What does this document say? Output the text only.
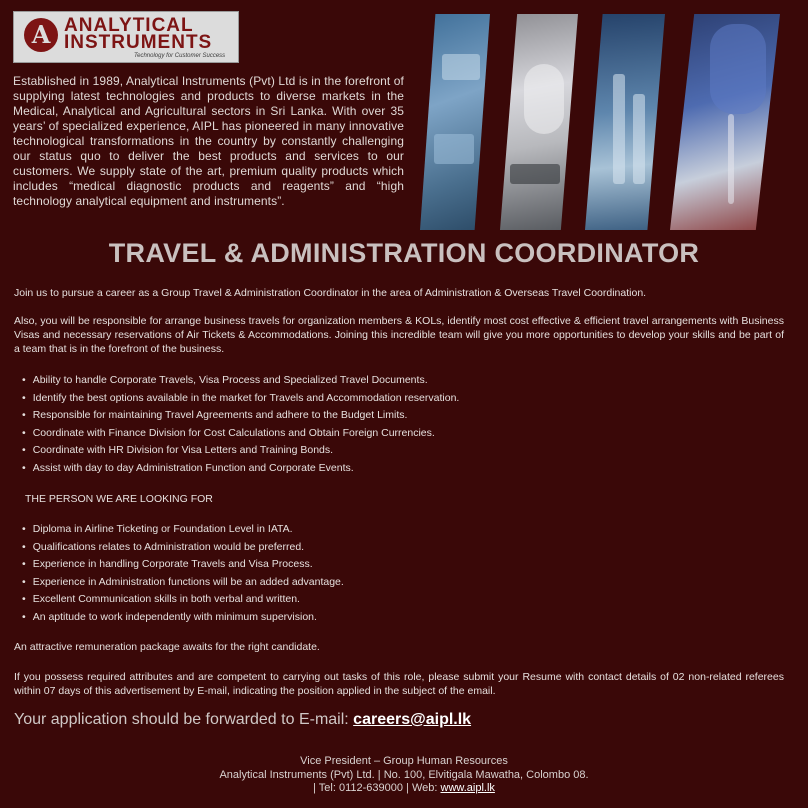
A ANALYTICAL
INSTRUMENTS
Technology for Customer Success
Established in 1989, Analytical Instruments (Pvt) Ltd is in the forefront of supplying latest technologies and products to diverse markets in the Medical, Analytical and Agricultural sectors in Sri Lanka. With over 35 years’ of specialized experience, AIPL has pioneered in many innovative technological transformations in the country by constantly challenging our status quo to deliver the best products and services to our customers. We supply state of the art, premium quality products which includes “medical diagnostic products and reagents” and “high technology analytical equipment and instruments”.
TRAVEL & ADMINISTRATION COORDINATOR
Join us to pursue a career as a Group Travel & Administration Coordinator in the area of Administration & Overseas Travel Coordination.
Also, you will be responsible for arrange business travels for organization members & KOLs, identify most cost effective & efficient travel arrangements with Business Visas and necessary reservations of Air Tickets & Accommodations. Joining this incredible team will give you more opportunities to develop your skills and be part of a team that is in the forefront of the business.
• Ability to handle Corporate Travels, Visa Process and Specialized Travel Documents.
• Identify the best options available in the market for Travels and Accommodation reservation.
• Responsible for maintaining Travel Agreements and adhere to the Budget Limits.
• Coordinate with Finance Division for Cost Calculations and Obtain Foreign Currencies.
• Coordinate with HR Division for Visa Letters and Training Bonds.
• Assist with day to day Administration Function and Corporate Events.
THE PERSON WE ARE LOOKING FOR
• Diploma in Airline Ticketing or Foundation Level in IATA.
• Qualifications relates to Administration would be preferred.
• Experience in handling Corporate Travels and Visa Process.
• Experience in Administration functions will be an added advantage.
• Excellent Communication skills in both verbal and written.
• An aptitude to work independently with minimum supervision.
An attractive remuneration package awaits for the right candidate.
If you possess required attributes and are competent to carrying out tasks of this role, please submit your Resume with contact details of 02 non-related referees within 07 days of this advertisement by E-mail, indicating the position applied in the subject of the email.
Your application should be forwarded to E-mail: careers@aipl.lk
Vice President – Group Human Resources
Analytical Instruments (Pvt) Ltd. | No. 100, Elvitigala Mawatha, Colombo 08.
| Tel: 0112-639000 | Web: www.aipl.lk
